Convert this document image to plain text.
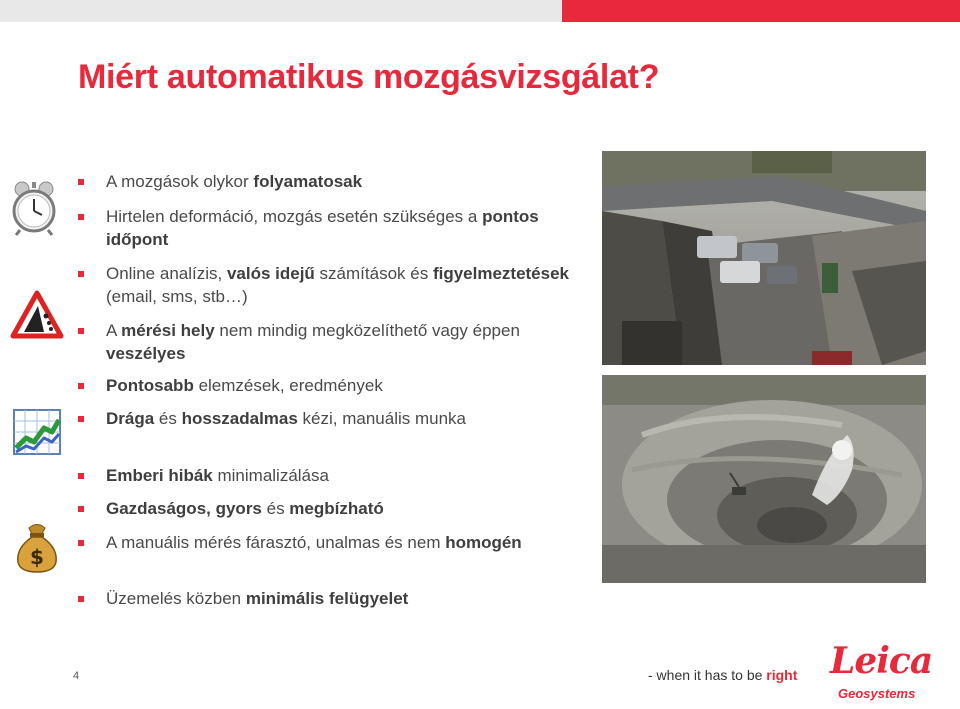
Miért automatikus mozgásvizsgálat?
$
A mozgások olykor folyamatosak
Hirtelen deformáció, mozgás esetén szükséges a pontos időpont
Online analízis, valós idejű számítások és figyelmeztetések (email, sms, stb…)
A mérési hely nem mindig megközelíthető vagy éppen veszélyes
Pontosabb elemzések, eredmények
Drága és hosszadalmas kézi, manuális munka
Emberi hibák minimalizálása
Gazdaságos, gyors és megbízható
A manuális mérés fárasztó, unalmas és nem homogén
Üzemelés közben minimális felügyelet
4	- when it has to be right Leica
Geosystems
